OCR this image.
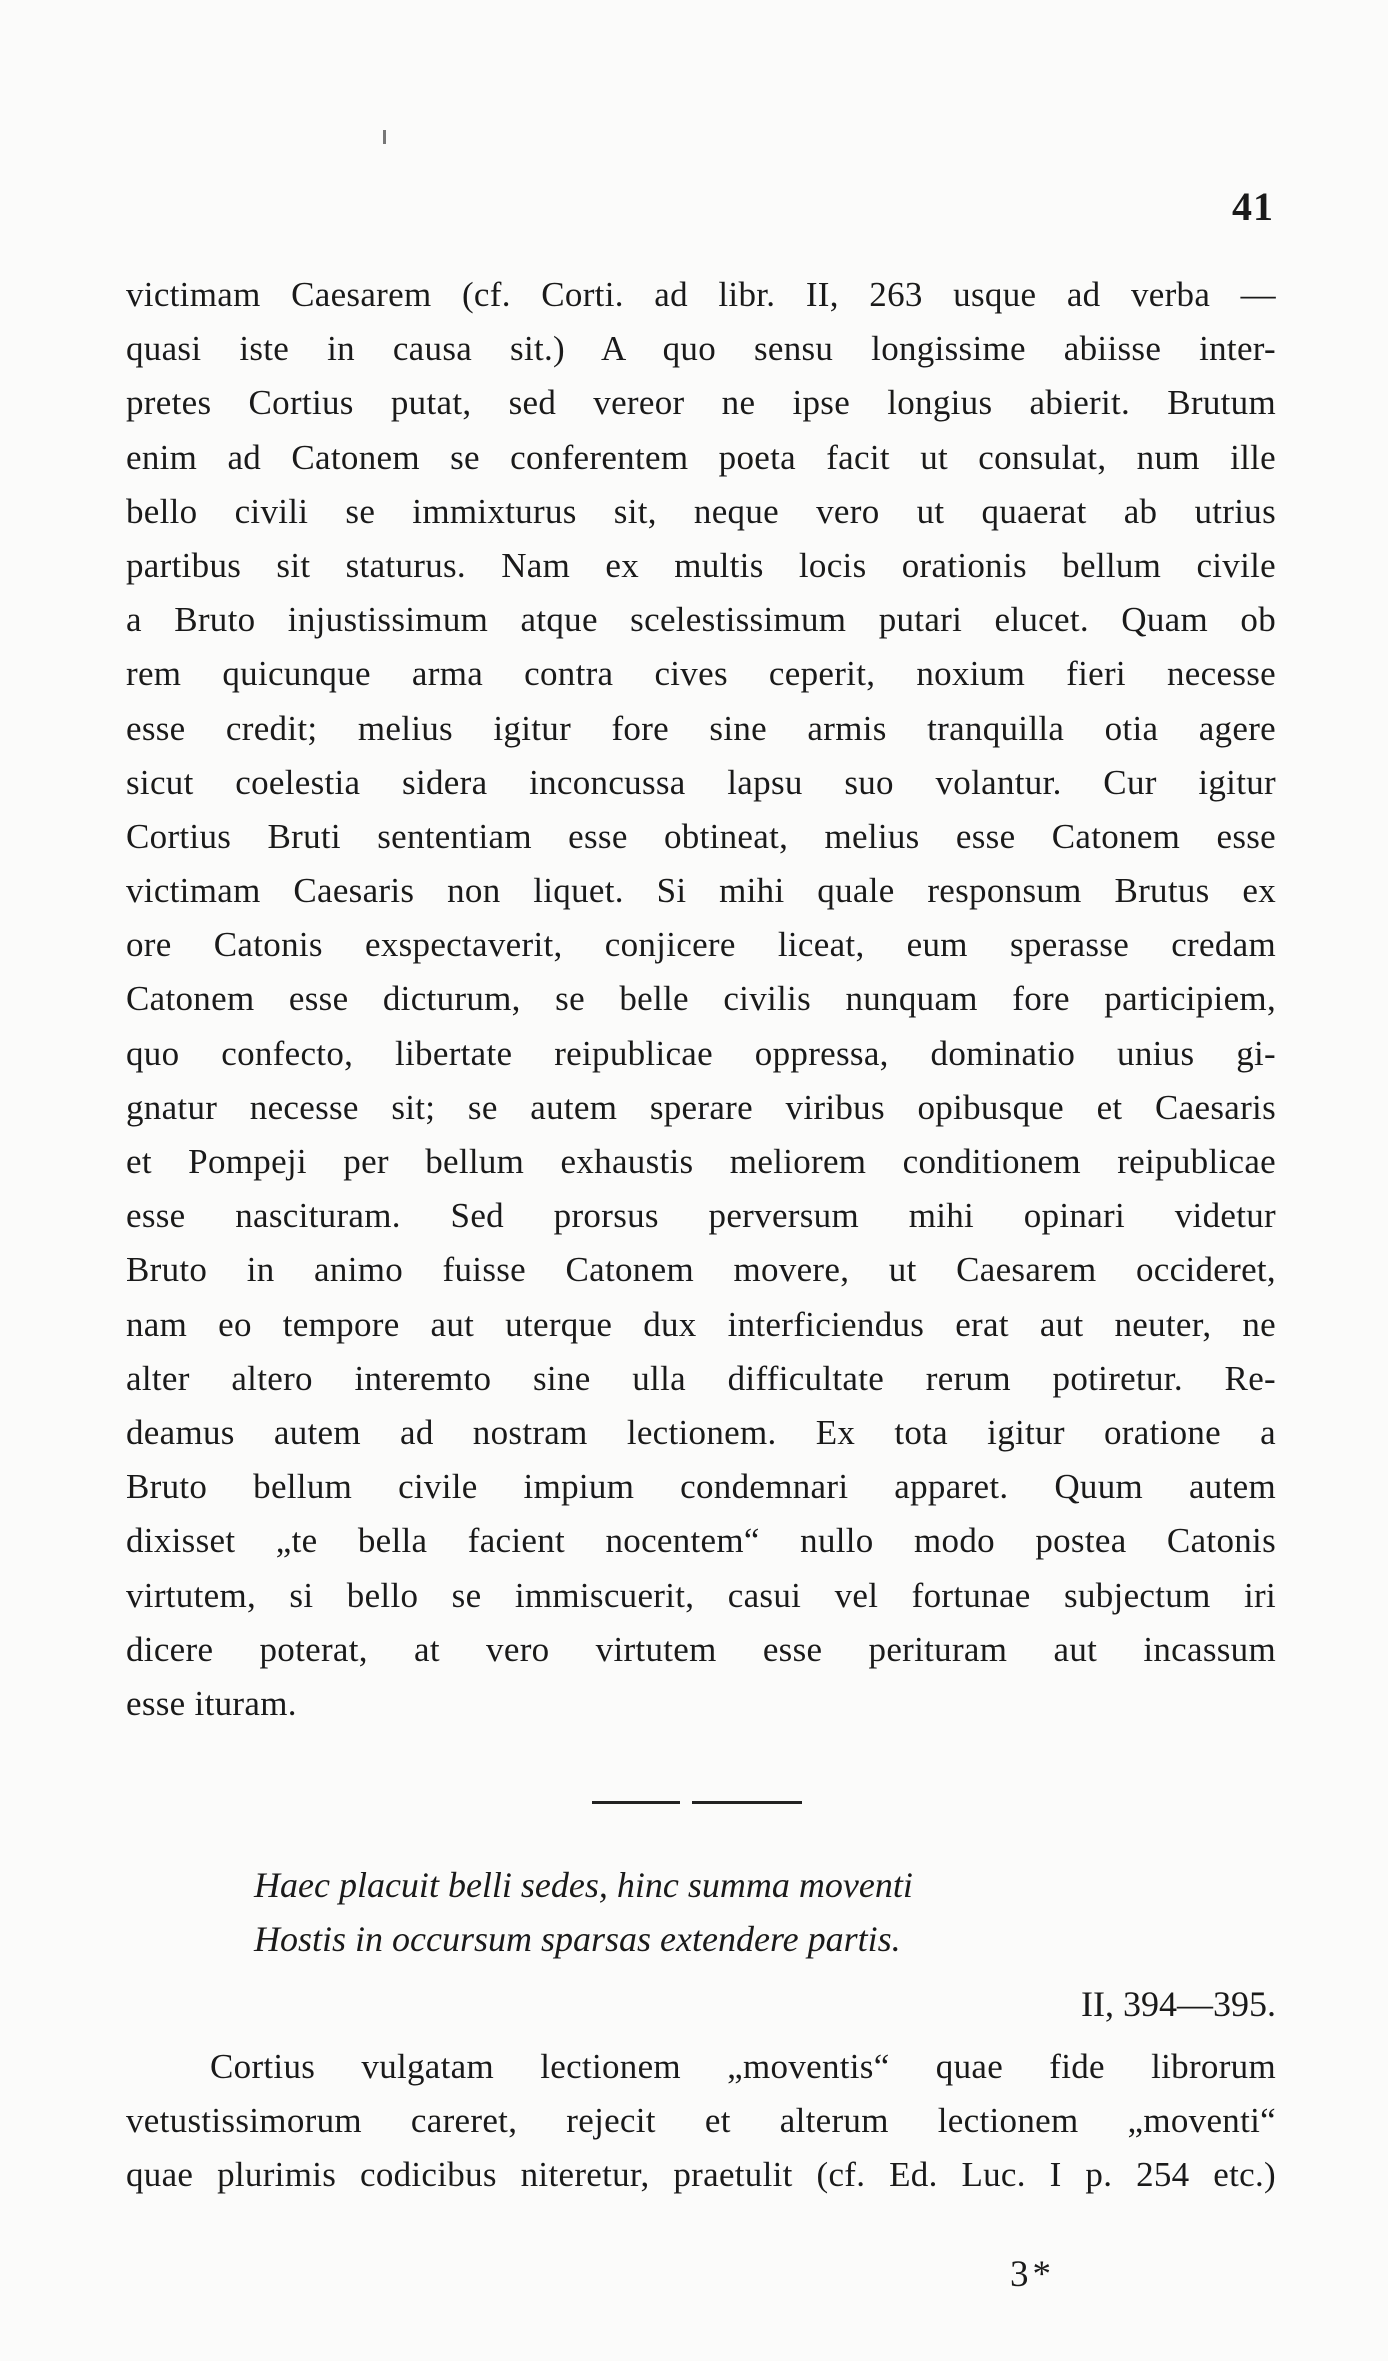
41
victimam Caesarem (cf. Corti. ad libr. II, 263 usque ad verba —
quasi iste in causa sit.) A quo sensu longissime abiisse inter-
pretes Cortius putat, sed vereor ne ipse longius abierit. Brutum
enim ad Catonem se conferentem poeta facit ut consulat, num ille
bello civili se immixturus sit, neque vero ut quaerat ab utrius
partibus sit staturus. Nam ex multis locis orationis bellum civile
a Bruto injustissimum atque scelestissimum putari elucet. Quam ob
rem quicunque arma contra cives ceperit, noxium fieri necesse
esse credit; melius igitur fore sine armis tranquilla otia agere
sicut coelestia sidera inconcussa lapsu suo volantur. Cur igitur
Cortius Bruti sententiam esse obtineat, melius esse Catonem esse
victimam Caesaris non liquet. Si mihi quale responsum Brutus ex
ore Catonis exspectaverit, conjicere liceat, eum sperasse credam
Catonem esse dicturum, se belle civilis nunquam fore participiem,
quo confecto, libertate reipublicae oppressa, dominatio unius gi-
gnatur necesse sit; se autem sperare viribus opibusque et Caesaris
et Pompeji per bellum exhaustis meliorem conditionem reipublicae
esse nascituram. Sed prorsus perversum mihi opinari videtur
Bruto in animo fuisse Catonem movere, ut Caesarem occideret,
nam eo tempore aut uterque dux interficiendus erat aut neuter, ne
alter altero interemto sine ulla difficultate rerum potiretur. Re-
deamus autem ad nostram lectionem. Ex tota igitur oratione a
Bruto bellum civile impium condemnari apparet. Quum autem
dixisset „te bella facient nocentem“ nullo modo postea Catonis
virtutem, si bello se immiscuerit, casui vel fortunae subjectum iri
dicere poterat, at vero virtutem esse perituram aut incassum
esse ituram.
Haec placuit belli sedes, hinc summa moventi
Hostis in occursum sparsas extendere partis.
II, 394—395.
Cortius vulgatam lectionem „moventis“ quae fide librorum
vetustissimorum careret, rejecit et alterum lectionem „moventi“
quae plurimis codicibus niteretur, praetulit (cf. Ed. Luc. I p. 254 etc.)
3*
